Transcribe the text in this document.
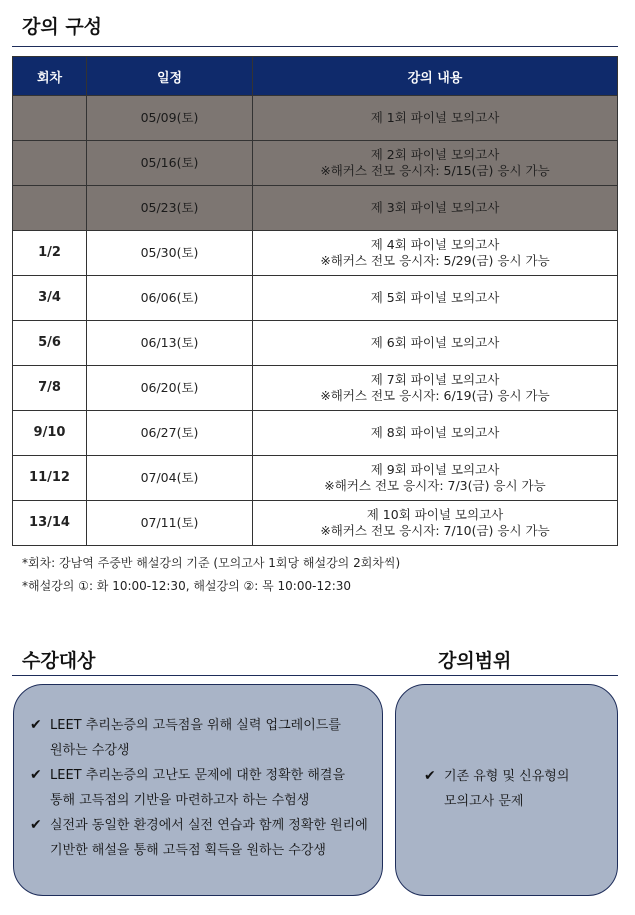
강의 구성
회차	일정	강의 내용
	05/09(토)	제 1회 파이널 모의고사

	05/16(토)	제 2회 파이널 모의고사
※해커스 전모 응시자: 5/15(금) 응시 가능

	05/23(토)	제 3회 파이널 모의고사

1/2	05/30(토)	제 4회 파이널 모의고사
※해커스 전모 응시자: 5/29(금) 응시 가능

3/4	06/06(토)	제 5회 파이널 모의고사

5/6	06/13(토)	제 6회 파이널 모의고사

7/8	06/20(토)	제 7회 파이널 모의고사
※해커스 전모 응시자: 6/19(금) 응시 가능

9/10	06/27(토)	제 8회 파이널 모의고사

11/12	07/04(토)	제 9회 파이널 모의고사
※해커스 전모 응시자: 7/3(금) 응시 가능

13/14	07/11(토)	제 10회 파이널 모의고사
※해커스 전모 응시자: 7/10(금) 응시 가능
*회차: 강남역 주중반 해설강의 기준 (모의고사 1회당 해설강의 2회차씩)
*해설강의 ①: 화 10:00-12:30, 해설강의 ②: 목 10:00-12:30
수강대상	강의범위
✔ LEET 추리논증의 고득점을 위해 실력 업그레이드를
원하는 수강생
✔ LEET 추리논증의 고난도 문제에 대한 정확한 해결을
통해 고득점의 기반을 마련하고자 하는 수험생
✔ 실전과 동일한 환경에서 실전 연습과 함께 정확한 원리에
기반한 해설을 통해 고득점 획득을 원하는 수강생
✔ 기존 유형 및 신유형의
모의고사 문제
